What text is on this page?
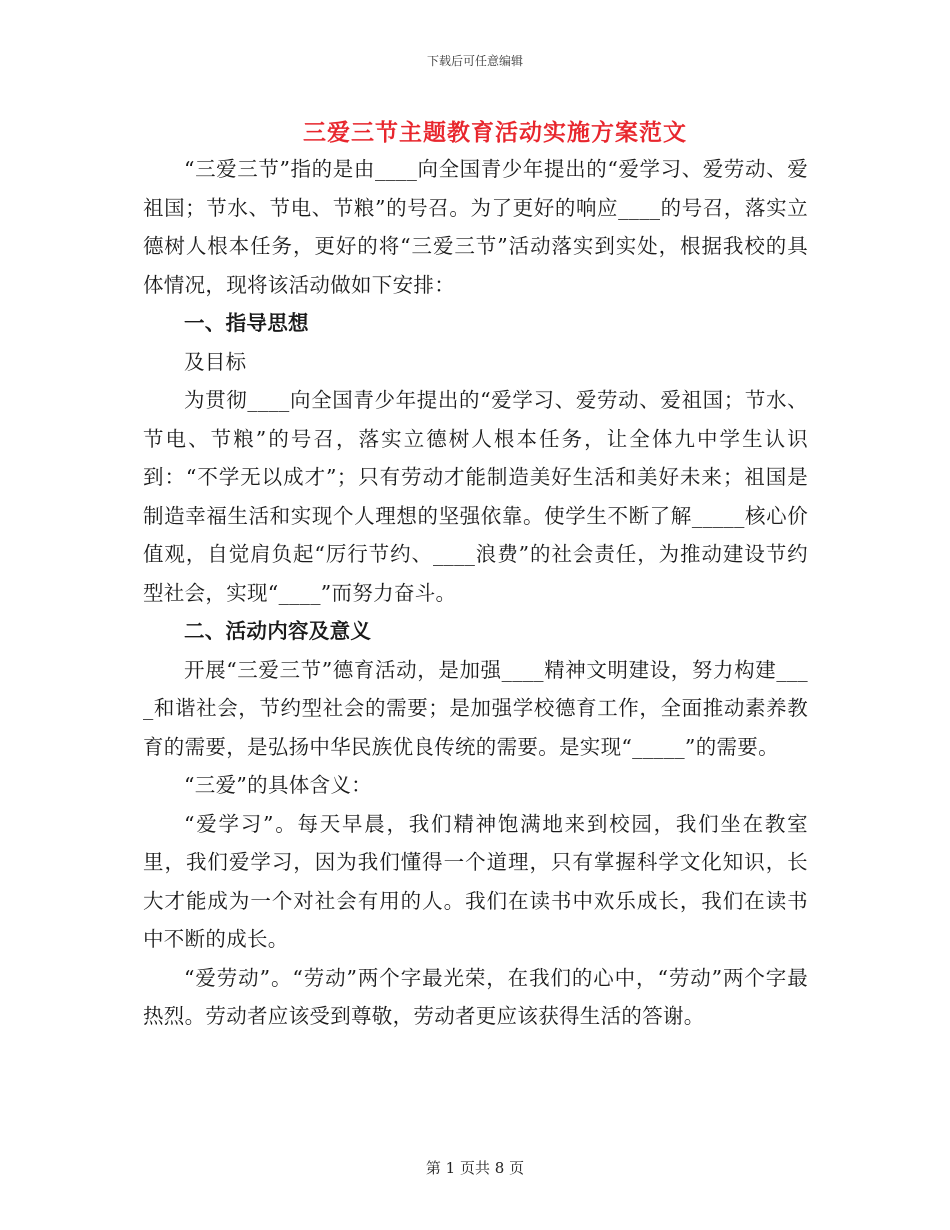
下载后可任意编辑
三爱三节主题教育活动实施方案范文

“三爱三节”指的是由____向全国青少年提出的“爱学习、爱劳动、爱祖国；节水、节电、节粮”的号召。为了更好的响应____的号召，落实立德树人根本任务，更好的将“三爱三节”活动落实到实处，根据我校的具体情况，现将该活动做如下安排：

一、指导思想

及目标

为贯彻____向全国青少年提出的“爱学习、爱劳动、爱祖国；节水、节电、节粮”的号召，落实立德树人根本任务，让全体九中学生认识到：“不学无以成才”；只有劳动才能制造美好生活和美好未来；祖国是制造幸福生活和实现个人理想的坚强依靠。使学生不断了解_____核心价值观，自觉肩负起“厉行节约、____浪费”的社会责任，为推动建设节约型社会，实现“____”而努力奋斗。

二、活动内容及意义

开展“三爱三节”德育活动，是加强____精神文明建设，努力构建____和谐社会，节约型社会的需要；是加强学校德育工作，全面推动素养教育的需要，是弘扬中华民族优良传统的需要。是实现“_____”的需要。

“三爱”的具体含义：

“爱学习”。每天早晨，我们精神饱满地来到校园，我们坐在教室里，我们爱学习，因为我们懂得一个道理，只有掌握科学文化知识，长大才能成为一个对社会有用的人。我们在读书中欢乐成长，我们在读书中不断的成长。

“爱劳动”。“劳动”两个字最光荣，在我们的心中，“劳动”两个字最热烈。劳动者应该受到尊敬，劳动者更应该获得生活的答谢。

第 1 页共 8 页
